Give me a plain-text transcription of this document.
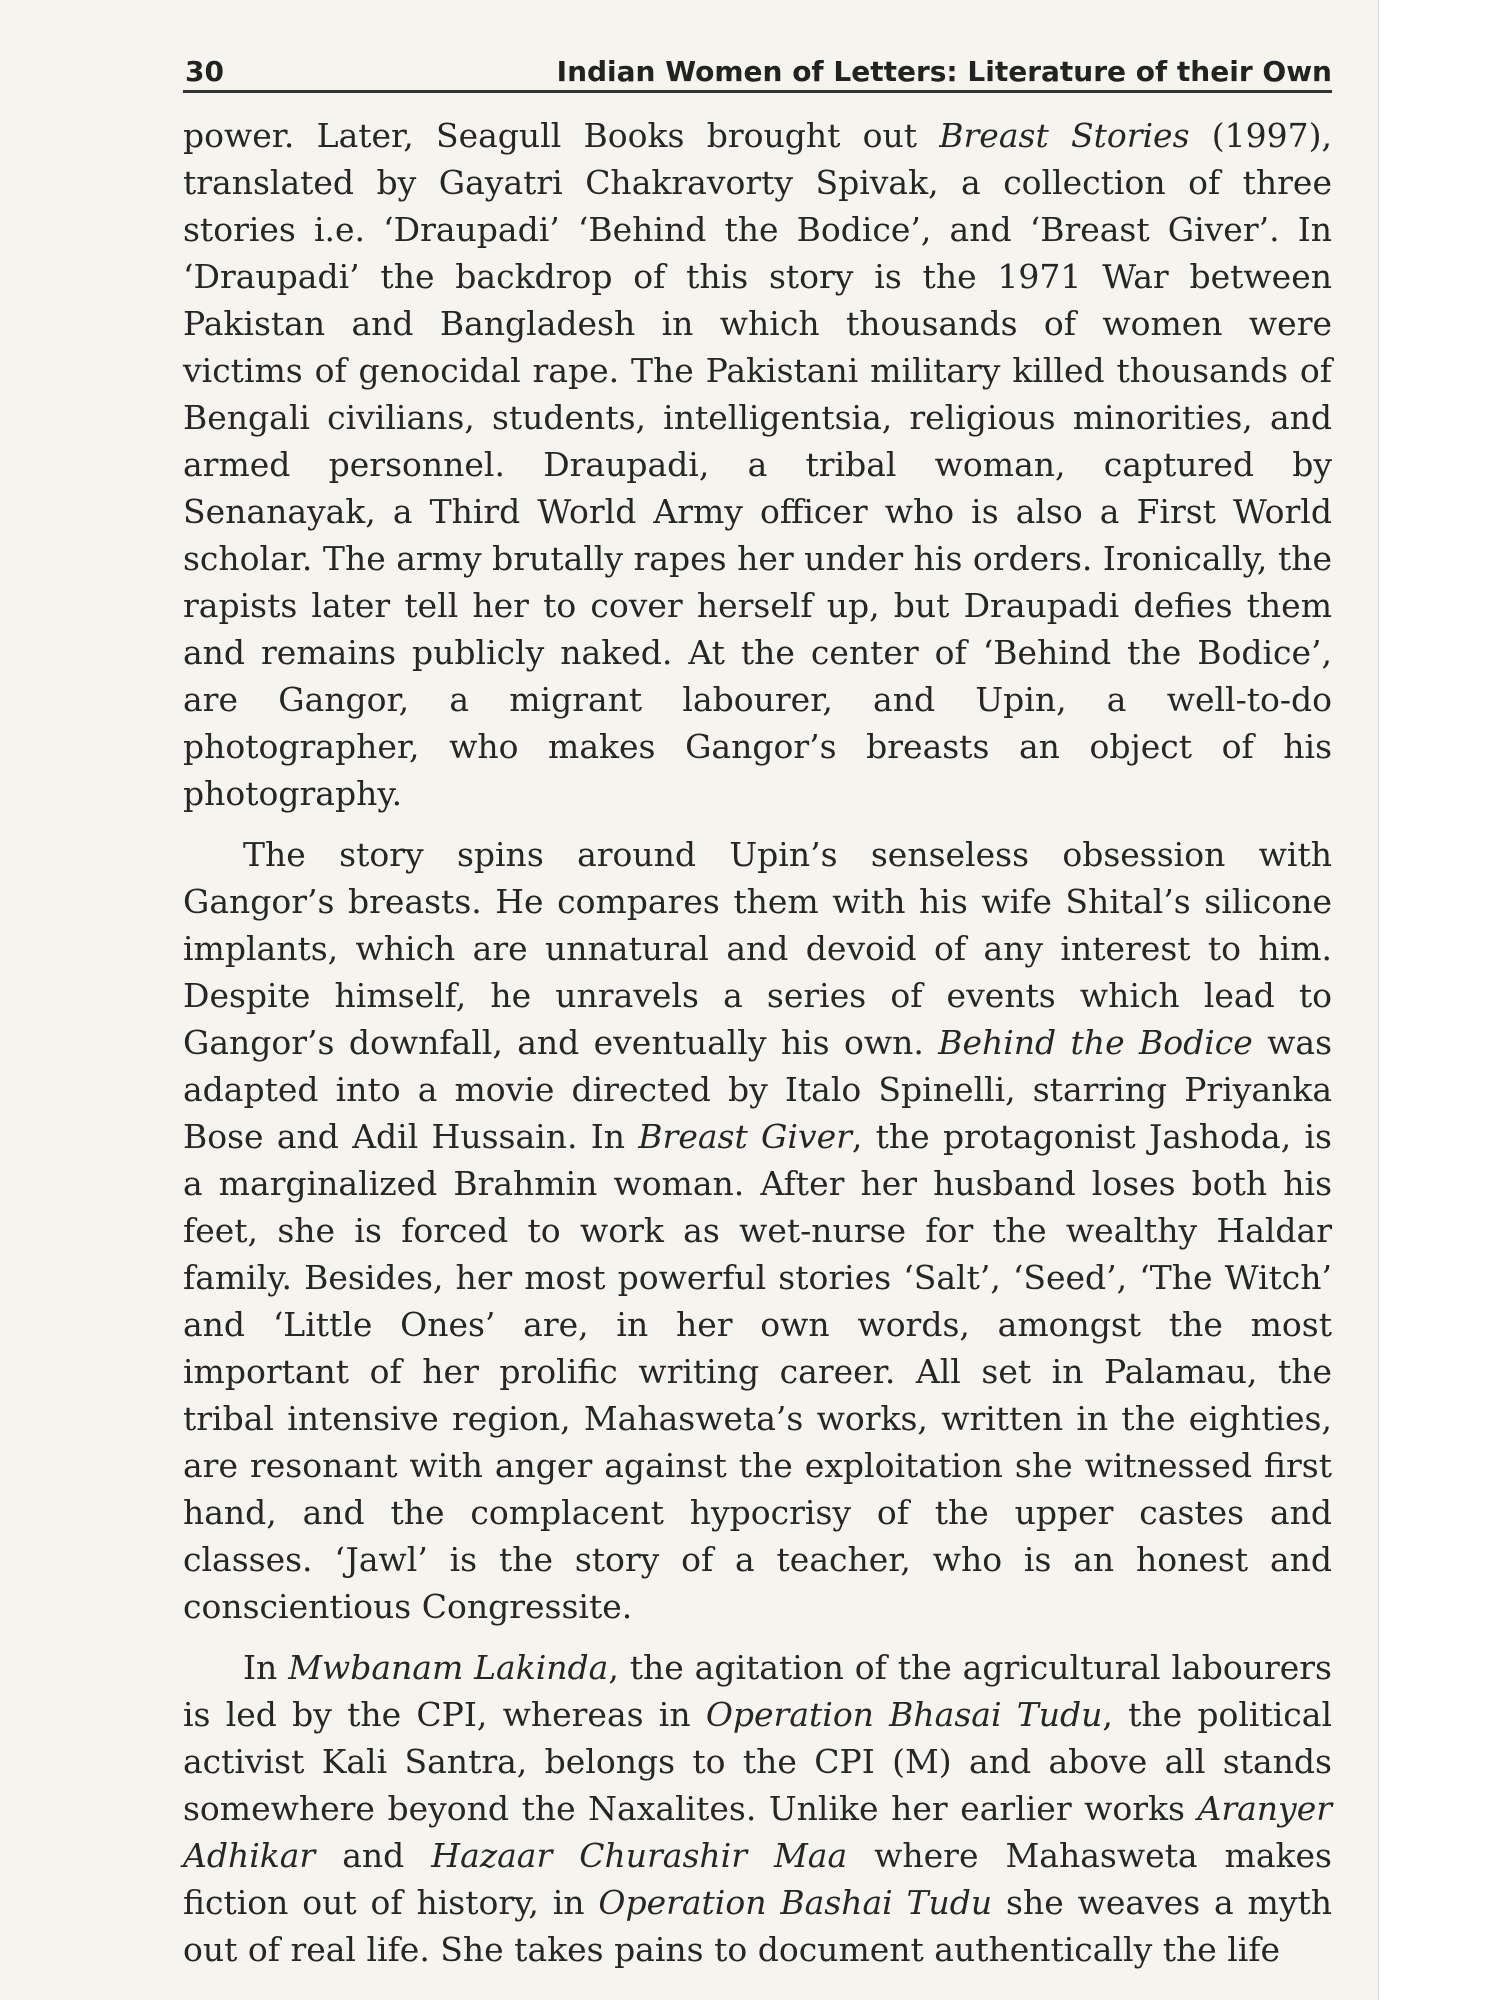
30	Indian Women of Letters: Literature of their Own

power. Later, Seagull Books brought out Breast Stories (1997), translated by Gayatri Chakravorty Spivak, a collection of three stories i.e. ‘Draupadi’ ‘Behind the Bodice’, and ‘Breast Giver’. In ‘Draupadi’ the backdrop of this story is the 1971 War between Pakistan and Bangladesh in which thousands of women were victims of genocidal rape. The Pakistani military killed thousands of Bengali civilians, students, intelligentsia, religious minorities, and armed personnel. Draupadi, a tribal woman, captured by Senanayak, a Third World Army officer who is also a First World scholar. The army brutally rapes her under his orders. Ironically, the rapists later tell her to cover herself up, but Draupadi defies them and remains publicly naked. At the center of ‘Behind the Bodice’, are Gangor, a migrant labourer, and Upin, a well-to-do photographer, who makes Gangor’s breasts an object of his photography.

The story spins around Upin’s senseless obsession with Gangor’s breasts. He compares them with his wife Shital’s silicone implants, which are unnatural and devoid of any interest to him. Despite himself, he unravels a series of events which lead to Gangor’s downfall, and eventually his own. Behind the Bodice was adapted into a movie directed by Italo Spinelli, starring Priyanka Bose and Adil Hussain. In Breast Giver, the protagonist Jashoda, is a marginalized Brahmin woman. After her husband loses both his feet, she is forced to work as wet-nurse for the wealthy Haldar family. Besides, her most powerful stories ‘Salt’, ‘Seed’, ‘The Witch’ and ‘Little Ones’ are, in her own words, amongst the most important of her prolific writing career. All set in Palamau, the tribal intensive region, Mahasweta’s works, written in the eighties, are resonant with anger against the exploitation she witnessed first hand, and the complacent hypocrisy of the upper castes and classes. ‘Jawl’ is the story of a teacher, who is an honest and conscientious Congressite.

In Mwbanam Lakinda, the agitation of the agricultural labourers is led by the CPI, whereas in Operation Bhasai Tudu, the political activist Kali Santra, belongs to the CPI (M) and above all stands somewhere beyond the Naxalites. Unlike her earlier works Aranyer Adhikar and Hazaar Churashir Maa where Mahasweta makes fiction out of history, in Operation Bashai Tudu she weaves a myth out of real life. She takes pains to document authentically the life
